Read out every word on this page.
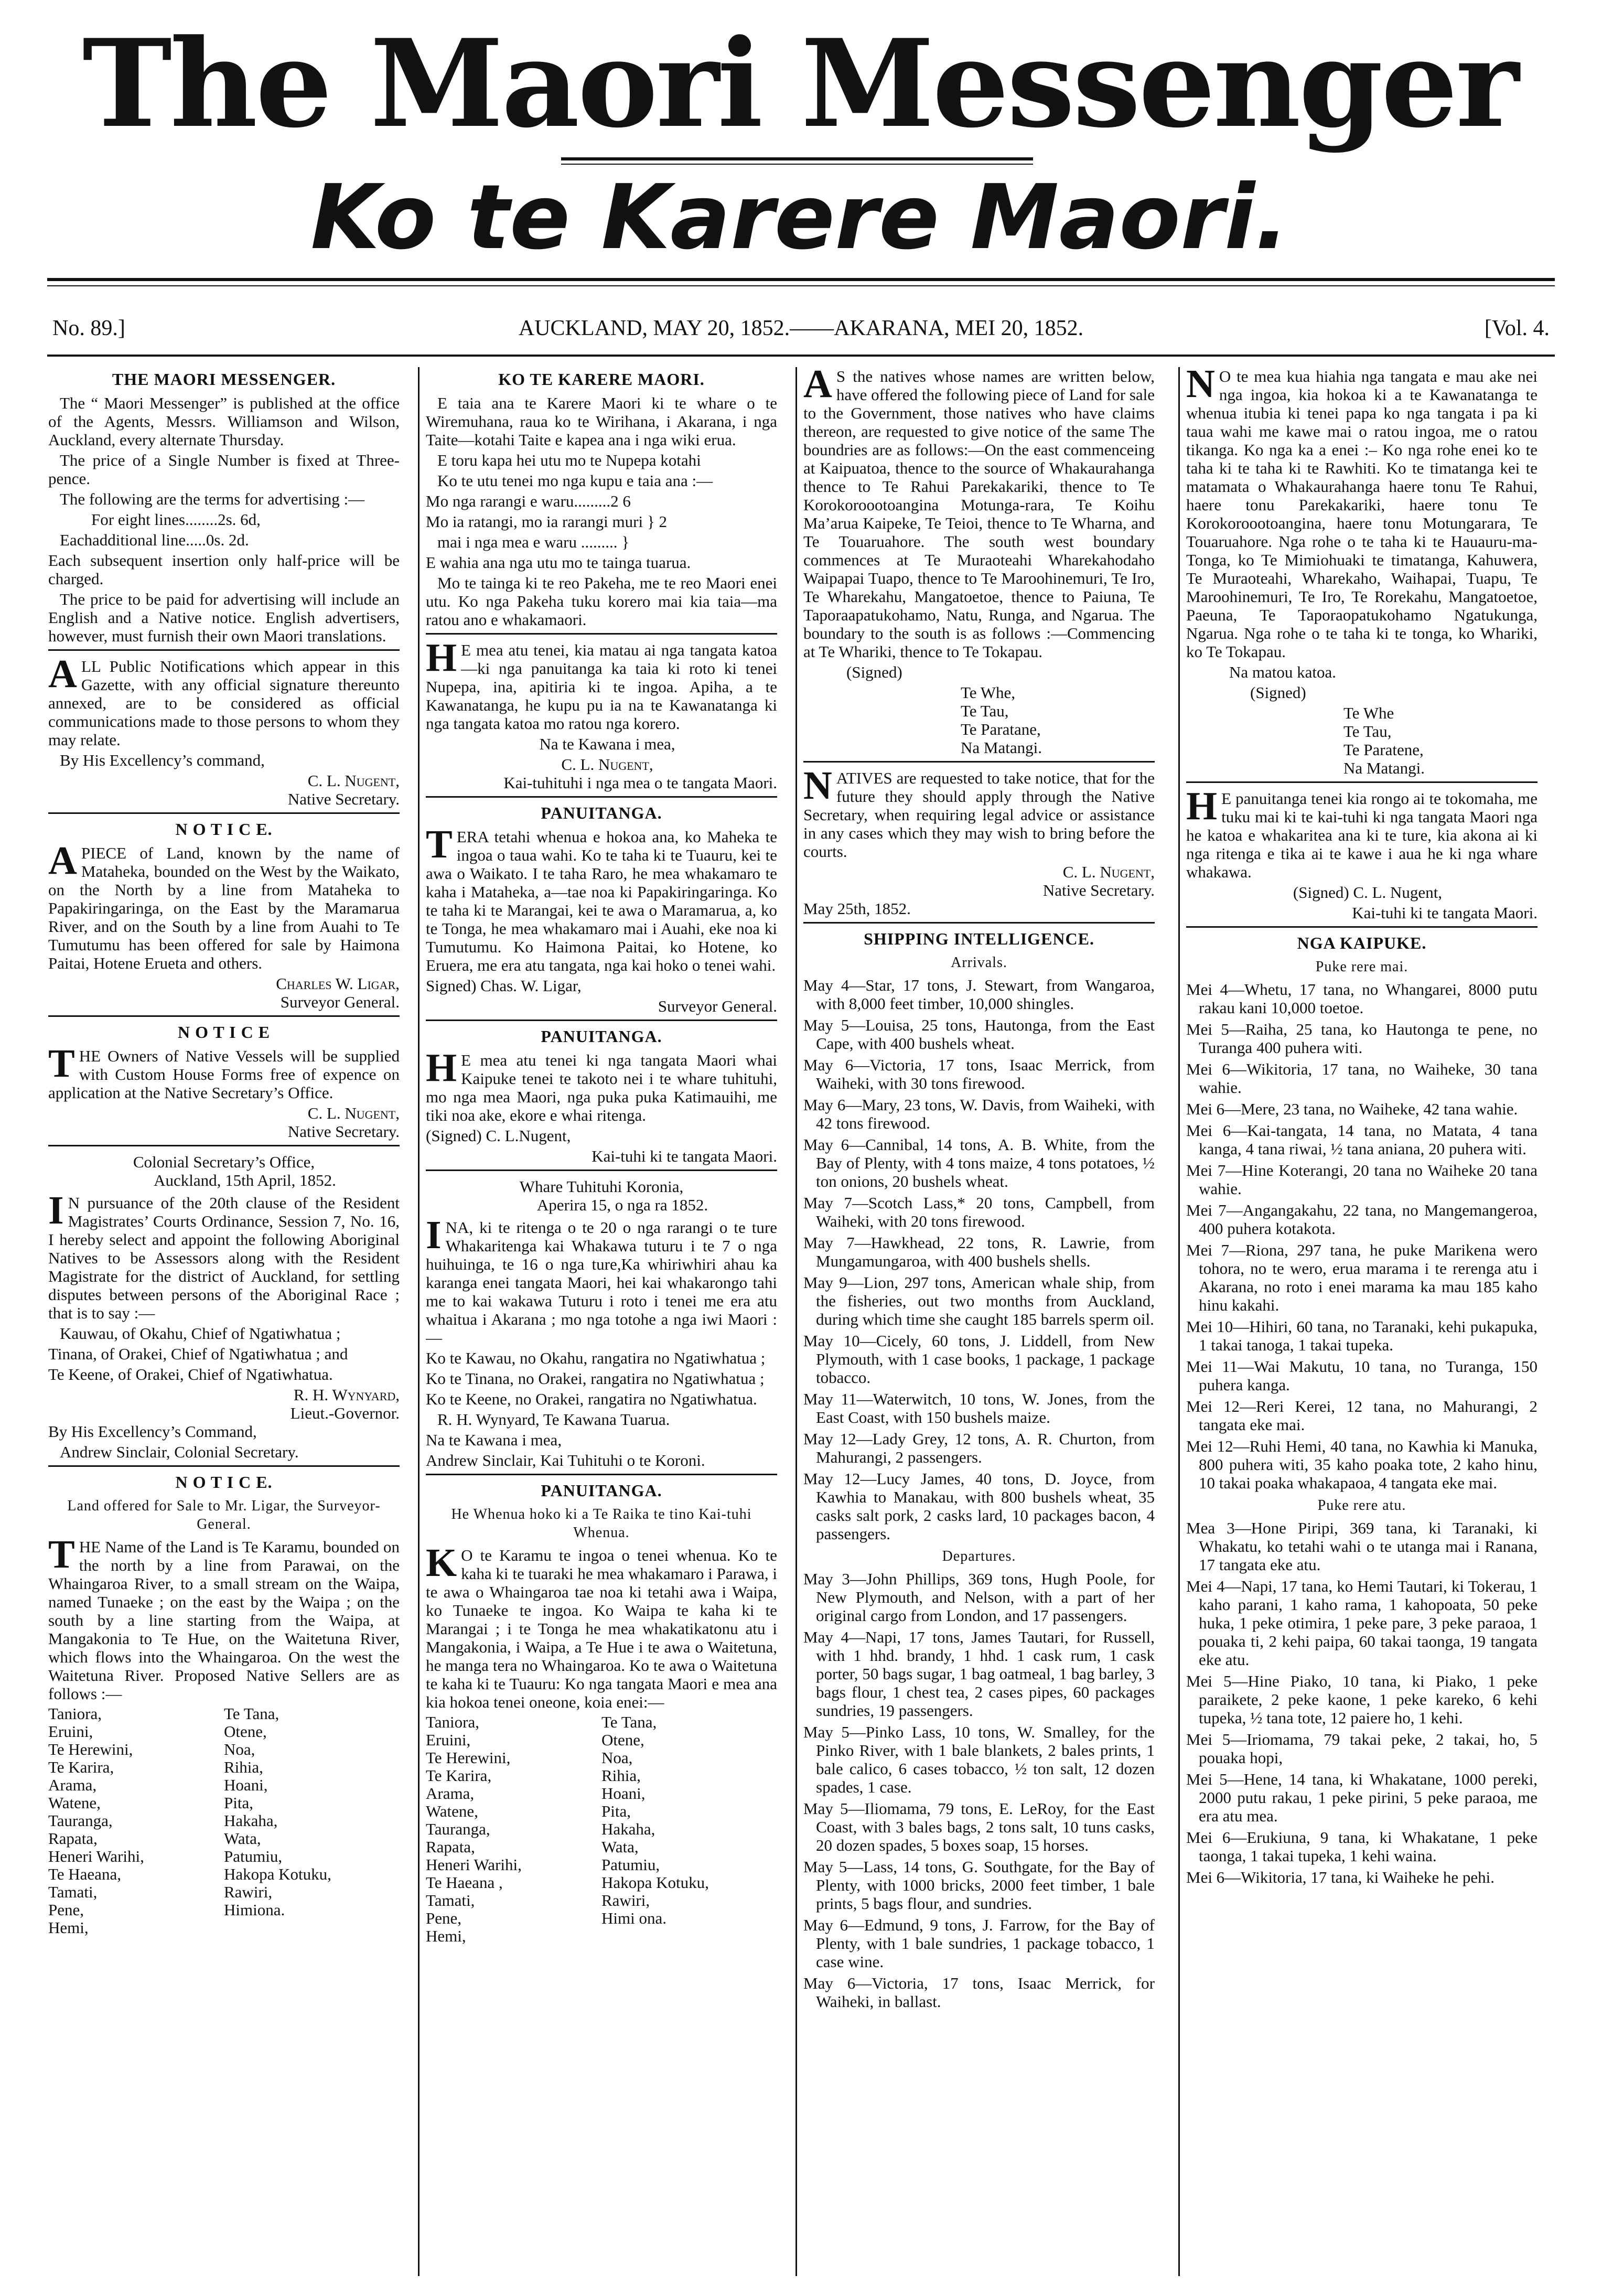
The Maori Messenger
Ko te Karere Maori.
No. 89.]	AUCKLAND, MAY 20, 1852.——AKARANA, MEI 20, 1852.	[Vol. 4.
THE MAORI MESSENGER.

The “ Maori Messenger” is published at the office of the Agents, Messrs. Williamson and Wilson, Auckland, every alternate Thursday.

The price of a Single Number is fixed at Three-pence.

The following are the terms for advertising :—

For eight lines........2s. 6d,

Eachadditional line.....0s. 2d.

Each subsequent insertion only half-price will be charged.

The price to be paid for advertising will include an English and a Native notice. English advertisers, however, must furnish their own Maori translations.

ALL Public Notifications which appear in this Gazette, with any official signature thereunto annexed, are to be considered as official communications made to those persons to whom they may relate.

By His Excellency’s command,

C. L. Nugent,

Native Secretary.

N O T I C E.

APIECE of Land, known by the name of Mataheka, bounded on the West by the Waikato, on the North by a line from Mataheka to Papakiringaringa, on the East by the Maramarua River, and on the South by a line from Auahi to Te Tumutumu has been offered for sale by Haimona Paitai, Hotene Erueta and others.

Charles W. Ligar,

Surveyor General.

N O T I C E

THE Owners of Native Vessels will be supplied with Custom House Forms free of expence on application at the Native Secretary’s Office.

C. L. Nugent,

Native Secretary.

Colonial Secretary’s Office,
Auckland, 15th April, 1852.

IN pursuance of the 20th clause of the Resident Magistrates’ Courts Ordinance, Session 7, No. 16, I hereby select and appoint the following Aboriginal Natives to be Assessors along with the Resident Magistrate for the district of Auckland, for settling disputes between persons of the Aboriginal Race ; that is to say :—

Kauwau, of Okahu, Chief of Ngatiwhatua ;

Tinana, of Orakei, Chief of Ngatiwhatua ; and

Te Keene, of Orakei, Chief of Ngatiwhatua.

R. H. Wynyard,

Lieut.-Governor.

By His Excellency’s Command,

Andrew Sinclair, Colonial Secretary.

N O T I C E.
Land offered for Sale to Mr. Ligar, the Surveyor-General.

THE Name of the Land is Te Karamu, bounded on the north by a line from Parawai, on the Whaingaroa River, to a small stream on the Waipa, named Tunaeke ; on the east by the Waipa ; on the south by a line starting from the Waipa, at Mangakonia to Te Hue, on the Waitetuna River, which flows into the Whaingaroa. On the west the Waitetuna River. Proposed Native Sellers are as follows :—

Taniora,	Te Tana,
Eruini,	Otene,
Te Herewini,	Noa,
Te Karira,	Rihia,
Arama,	Hoani,
Watene,	Pita,
Tauranga,	Hakaha,
Rapata,	Wata,
Heneri Warihi,	Patumiu,
Te Haeana,	Hakopa Kotuku,
Tamati,	Rawiri,
Pene,	Himiona.
Hemi,
KO TE KARERE MAORI.

E taia ana te Karere Maori ki te whare o te Wiremuhana, raua ko te Wirihana, i Akarana, i nga Taite—kotahi Taite e kapea ana i nga wiki erua.

E toru kapa hei utu mo te Nupepa kotahi

Ko te utu tenei mo nga kupu e taia ana :—

Mo nga rarangi e waru.........2 6

Mo ia ratangi, mo ia rarangi muri } 2

mai i nga mea e waru ......... }

E wahia ana nga utu mo te tainga tuarua.

Mo te tainga ki te reo Pakeha, me te reo Maori enei utu. Ko nga Pakeha tuku korero mai kia taia—ma ratou ano e whakamaori.

HE mea atu tenei, kia matau ai nga tangata katoa—ki nga panuitanga ka taia ki roto ki tenei Nupepa, ina, apitiria ki te ingoa. Apiha, a te Kawanatanga, he kupu pu ia na te Kawanatanga ki nga tangata katoa mo ratou nga korero.

Na te Kawana i mea,

C. L. Nugent,

Kai-tuhituhi i nga mea o te tangata Maori.

PANUITANGA.

TERA tetahi whenua e hokoa ana, ko Maheka te ingoa o taua wahi. Ko te taha ki te Tuauru, kei te awa o Waikato. I te taha Raro, he mea whakamaro te kaha i Mataheka, a—tae noa ki Papakiringaringa. Ko te taha ki te Marangai, kei te awa o Maramarua, a, ko te Tonga, he mea whakamaro mai i Auahi, eke noa ki Tumutumu. Ko Haimona Paitai, ko Hotene, ko Eruera, me era atu tangata, nga kai hoko o tenei wahi.

Signed) Chas. W. Ligar,

Surveyor General.

PANUITANGA.

HE mea atu tenei ki nga tangata Maori whai Kaipuke tenei te takoto nei i te whare tuhituhi, mo nga mea Maori, nga puka puka Katimauihi, me tiki noa ake, ekore e whai ritenga.

(Signed) C. L.Nugent,

Kai-tuhi ki te tangata Maori.

Whare Tuhituhi Koronia,
Aperira 15, o nga ra 1852.

INA, ki te ritenga o te 20 o nga rarangi o te ture Whakaritenga kai Whakawa tuturu i te 7 o nga huihuinga, te 16 o nga ture,Ka whiriwhiri ahau ka karanga enei tangata Maori, hei kai whakarongo tahi me to kai wakawa Tuturu i roto i tenei me era atu whaitua i Akarana ; mo nga totohe a nga iwi Maori :—

Ko te Kawau, no Okahu, rangatira no Ngatiwhatua ;

Ko te Tinana, no Orakei, rangatira no Ngatiwhatua ;

Ko te Keene, no Orakei, rangatira no Ngatiwhatua.

R. H. Wynyard, Te Kawana Tuarua.

Na te Kawana i mea,

Andrew Sinclair, Kai Tuhituhi o te Koroni.

PANUITANGA.
He Whenua hoko ki a Te Raika te tino Kai-tuhi Whenua.

KO te Karamu te ingoa o tenei whenua. Ko te kaha ki te tuaraki he mea whakamaro i Parawa, i te awa o Whaingaroa tae noa ki tetahi awa i Waipa, ko Tunaeke te ingoa. Ko Waipa te kaha ki te Marangai ; i te Tonga he mea whakatikatonu atu i Mangakonia, i Waipa, a Te Hue i te awa o Waitetuna, he manga tera no Whaingaroa. Ko te awa o Waitetuna te kaha ki te Tuauru: Ko nga tangata Maori e mea ana kia hokoa tenei oneone, koia enei:—

Taniora,	Te Tana,
Eruini,	Otene,
Te Herewini,	Noa,
Te Karira,	Rihia,
Arama,	Hoani,
Watene,	Pita,
Tauranga,	Hakaha,
Rapata,	Wata,
Heneri Warihi,	Patumiu,
Te Haeana ,	Hakopa Kotuku,
Tamati,	Rawiri,
Pene,	Himi ona.
Hemi,

AS the natives whose names are written below, have offered the following piece of Land for sale to the Government, those natives who have claims thereon, are requested to give notice of the same The boundries are as follows:—On the east commenceing at Kaipuatoa, thence to the source of Whakaurahanga thence to Te Rahui Parekakariki, thence to Te Korokoroootoangina Motunga-rara, Te Koihu Ma’arua Kaipeke, Te Teioi, thence to Te Wharna, and Te Touaruahore. The south west boundary commences at Te Muraoteahi Wharekahodaho Waipapai Tuapo, thence to Te Maroohinemuri, Te Iro, Te Wharekahu, Mangatoetoe, thence to Paiuna, Te Taporaapatukohamo, Natu, Runga, and Ngarua. The boundary to the south is as follows :—Commencing at Te Whariki, thence to Te Tokapau.

(Signed)

Te Whe,
Te Tau,
Te Paratane,
Na Matangi.

NATIVES are requested to take notice, that for the future they should apply through the Native Secretary, when requiring legal advice or assistance in any cases which they may wish to bring before the courts.

C. L. Nugent,

Native Secretary.

May 25th, 1852.

SHIPPING INTELLIGENCE.
Arrivals.
May 4—Star, 17 tons, J. Stewart, from Wangaroa, with 8,000 feet timber, 10,000 shingles.
May 5—Louisa, 25 tons, Hautonga, from the East Cape, with 400 bushels wheat.
May 6—Victoria, 17 tons, Isaac Merrick, from Waiheki, with 30 tons firewood.
May 6—Mary, 23 tons, W. Davis, from Waiheki, with 42 tons firewood.
May 6—Cannibal, 14 tons, A. B. White, from the Bay of Plenty, with 4 tons maize, 4 tons potatoes, ½ ton onions, 20 bushels wheat.
May 7—Scotch Lass,* 20 tons, Campbell, from Waiheki, with 20 tons firewood.
May 7—Hawkhead, 22 tons, R. Lawrie, from Mungamungaroa, with 400 bushels shells.
May 9—Lion, 297 tons, American whale ship, from the fisheries, out two months from Auckland, during which time she caught 185 barrels sperm oil.
May 10—Cicely, 60 tons, J. Liddell, from New Plymouth, with 1 case books, 1 package, 1 package tobacco.
May 11—Waterwitch, 10 tons, W. Jones, from the East Coast, with 150 bushels maize.
May 12—Lady Grey, 12 tons, A. R. Churton, from Mahurangi, 2 passengers.
May 12—Lucy James, 40 tons, D. Joyce, from Kawhia to Manakau, with 800 bushels wheat, 35 casks salt pork, 2 casks lard, 10 packages bacon, 4 passengers.
Departures.
May 3—John Phillips, 369 tons, Hugh Poole, for New Plymouth, and Nelson, with a part of her original cargo from London, and 17 passengers.
May 4—Napi, 17 tons, James Tautari, for Russell, with 1 hhd. brandy, 1 hhd. 1 cask rum, 1 cask porter, 50 bags sugar, 1 bag oatmeal, 1 bag barley, 3 bags flour, 1 chest tea, 2 cases pipes, 60 packages sundries, 19 passengers.
May 5—Pinko Lass, 10 tons, W. Smalley, for the Pinko River, with 1 bale blankets, 2 bales prints, 1 bale calico, 6 cases tobacco, ½ ton salt, 12 dozen spades, 1 case.
May 5—Iliomama, 79 tons, E. LeRoy, for the East Coast, with 3 bales bags, 2 tons salt, 10 tuns casks, 20 dozen spades, 5 boxes soap, 15 horses.
May 5—Lass, 14 tons, G. Southgate, for the Bay of Plenty, with 1000 bricks, 2000 feet timber, 1 bale prints, 5 bags flour, and sundries.
May 6—Edmund, 9 tons, J. Farrow, for the Bay of Plenty, with 1 bale sundries, 1 package tobacco, 1 case wine.
May 6—Victoria, 17 tons, Isaac Merrick, for Waiheki, in ballast.

NO te mea kua hiahia nga tangata e mau ake nei nga ingoa, kia hokoa ki a te Kawanatanga te whenua itubia ki tenei papa ko nga tangata i pa ki taua wahi me kawe mai o ratou ingoa, me o ratou tikanga. Ko nga ka a enei :– Ko nga rohe enei ko te taha ki te taha ki te Rawhiti. Ko te timatanga kei te matamata o Whakaurahanga haere tonu Te Rahui, haere tonu Parekakariki, haere tonu Te Korokoroootoangina, haere tonu Motungarara, Te Touaruahore. Nga rohe o te taha ki te Hauauru-ma-Tonga, ko Te Mimiohuaki te timatanga, Kahuwera, Te Muraoteahi, Wharekaho, Waihapai, Tuapu, Te Maroohinemuri, Te Iro, Te Rorekahu, Mangatoetoe, Paeuna, Te Taporaopatukohamo Ngatukunga, Ngarua. Nga rohe o te taha ki te tonga, ko Whariki, ko Te Tokapau.

Na matou katoa.

(Signed)

Te Whe
Te Tau,
Te Paratene,
Na Matangi.

HE panuitanga tenei kia rongo ai te tokomaha, me tuku mai ki te kai-tuhi ki nga tangata Maori nga he katoa e whakaritea ana ki te ture, kia akona ai ki nga ritenga e tika ai te kawe i aua he ki nga whare whakawa.

(Signed) C. L. Nugent,

Kai-tuhi ki te tangata Maori.

NGA KAIPUKE.
Puke rere mai.
Mei 4—Whetu, 17 tana, no Whangarei, 8000 putu rakau kani 10,000 toetoe.
Mei 5—Raiha, 25 tana, ko Hautonga te pene, no Turanga 400 puhera witi.
Mei 6—Wikitoria, 17 tana, no Waiheke, 30 tana wahie.
Mei 6—Mere, 23 tana, no Waiheke, 42 tana wahie.
Mei 6—Kai-tangata, 14 tana, no Matata, 4 tana kanga, 4 tana riwai, ½ tana aniana, 20 puhera witi.
Mei 7—Hine Koterangi, 20 tana no Waiheke 20 tana wahie.
Mei 7—Angangakahu, 22 tana, no Mangemangeroa, 400 puhera kotakota.
Mei 7—Riona, 297 tana, he puke Marikena wero tohora, no te wero, erua marama i te rerenga atu i Akarana, no roto i enei marama ka mau 185 kaho hinu kakahi.
Mei 10—Hihiri, 60 tana, no Taranaki, kehi pukapuka, 1 takai tanoga, 1 takai tupeka.
Mei 11—Wai Makutu, 10 tana, no Turanga, 150 puhera kanga.
Mei 12—Reri Kerei, 12 tana, no Mahurangi, 2 tangata eke mai.
Mei 12—Ruhi Hemi, 40 tana, no Kawhia ki Manuka, 800 puhera witi, 35 kaho poaka tote, 2 kaho hinu, 10 takai poaka whakapaoa, 4 tangata eke mai.
Puke rere atu.
Mea 3—Hone Piripi, 369 tana, ki Taranaki, ki Whakatu, ko tetahi wahi o te utanga mai i Ranana, 17 tangata eke atu.
Mei 4—Napi, 17 tana, ko Hemi Tautari, ki Tokerau, 1 kaho parani, 1 kaho rama, 1 kahopoata, 50 peke huka, 1 peke otimira, 1 peke pare, 3 peke paraoa, 1 pouaka ti, 2 kehi paipa, 60 takai taonga, 19 tangata eke atu.
Mei 5—Hine Piako, 10 tana, ki Piako, 1 peke paraikete, 2 peke kaone, 1 peke kareko, 6 kehi tupeka, ½ tana tote, 12 paiere ho, 1 kehi.
Mei 5—Iriomama, 79 takai peke, 2 takai, ho, 5 pouaka hopi,
Mei 5—Hene, 14 tana, ki Whakatane, 1000 pereki, 2000 putu rakau, 1 peke pirini, 5 peke paraoa, me era atu mea.
Mei 6—Erukiuna, 9 tana, ki Whakatane, 1 peke taonga, 1 takai tupeka, 1 kehi waina.
Mei 6—Wikitoria, 17 tana, ki Waiheke he pehi.
